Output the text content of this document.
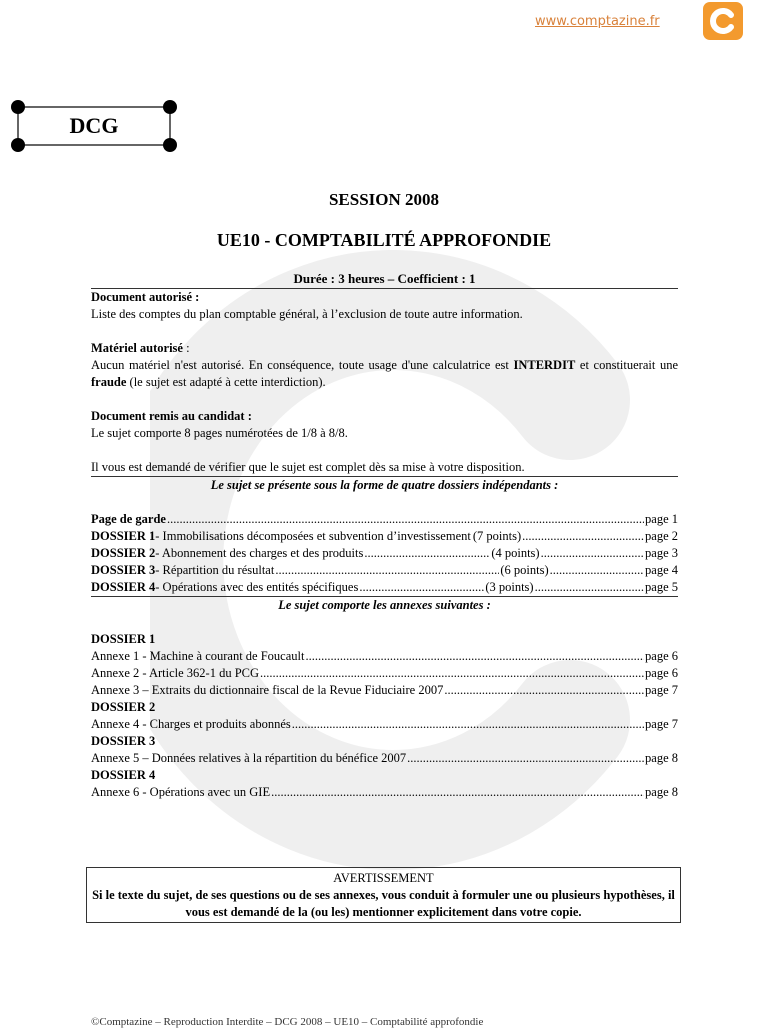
www.comptazine.fr
DCG
SESSION 2008
UE10 - COMPTABILITÉ APPROFONDIE
Durée : 3 heures – Coefficient : 1
Document autorisé :
Liste des comptes du plan comptable général, à l’exclusion de toute autre information.
Matériel autorisé :
Aucun matériel n'est autorisé. En conséquence, toute usage d'une calculatrice est INTERDIT et constituerait une fraude (le sujet est adapté à cette interdiction).
Document remis au candidat :
Le sujet comporte 8 pages numérotées de 1/8 à 8/8.
Il vous est demandé de vérifier que le sujet est complet dès sa mise à votre disposition.
Le sujet se présente sous la forme de quatre dossiers indépendants :
Page de garde .....	page 1
DOSSIER 1 - Immobilisations décomposées et subvention d’investissement (7 points) .....	page 2
DOSSIER 2 - Abonnement des charges et des produits .....	(4 points) .....	page 3
DOSSIER 3 - Répartition du résultat .....	(6 points) .....	page 4
DOSSIER 4 - Opérations avec des entités spécifiques .....	(3 points) .....	page 5
Le sujet comporte les annexes suivantes :
DOSSIER 1
Annexe 1 - Machine à courant de Foucault .....	page 6
Annexe 2 - Article 362-1 du PCG .....	page 6
Annexe 3 – Extraits du dictionnaire fiscal de la Revue Fiduciaire 2007 .....	page 7
DOSSIER 2
Annexe 4 - Charges et produits abonnés .....	page 7
DOSSIER 3
Annexe 5 – Données relatives à la répartition du bénéfice 2007 .....	page 8
DOSSIER 4
Annexe 6 - Opérations avec un GIE .....	page 8
AVERTISSEMENT
Si le texte du sujet, de ses questions ou de ses annexes, vous conduit à formuler une ou plusieurs hypothèses, il vous est demandé de la (ou les) mentionner explicitement dans votre copie.
©Comptazine – Reproduction Interdite – DCG 2008 – UE10 – Comptabilité approfondie
